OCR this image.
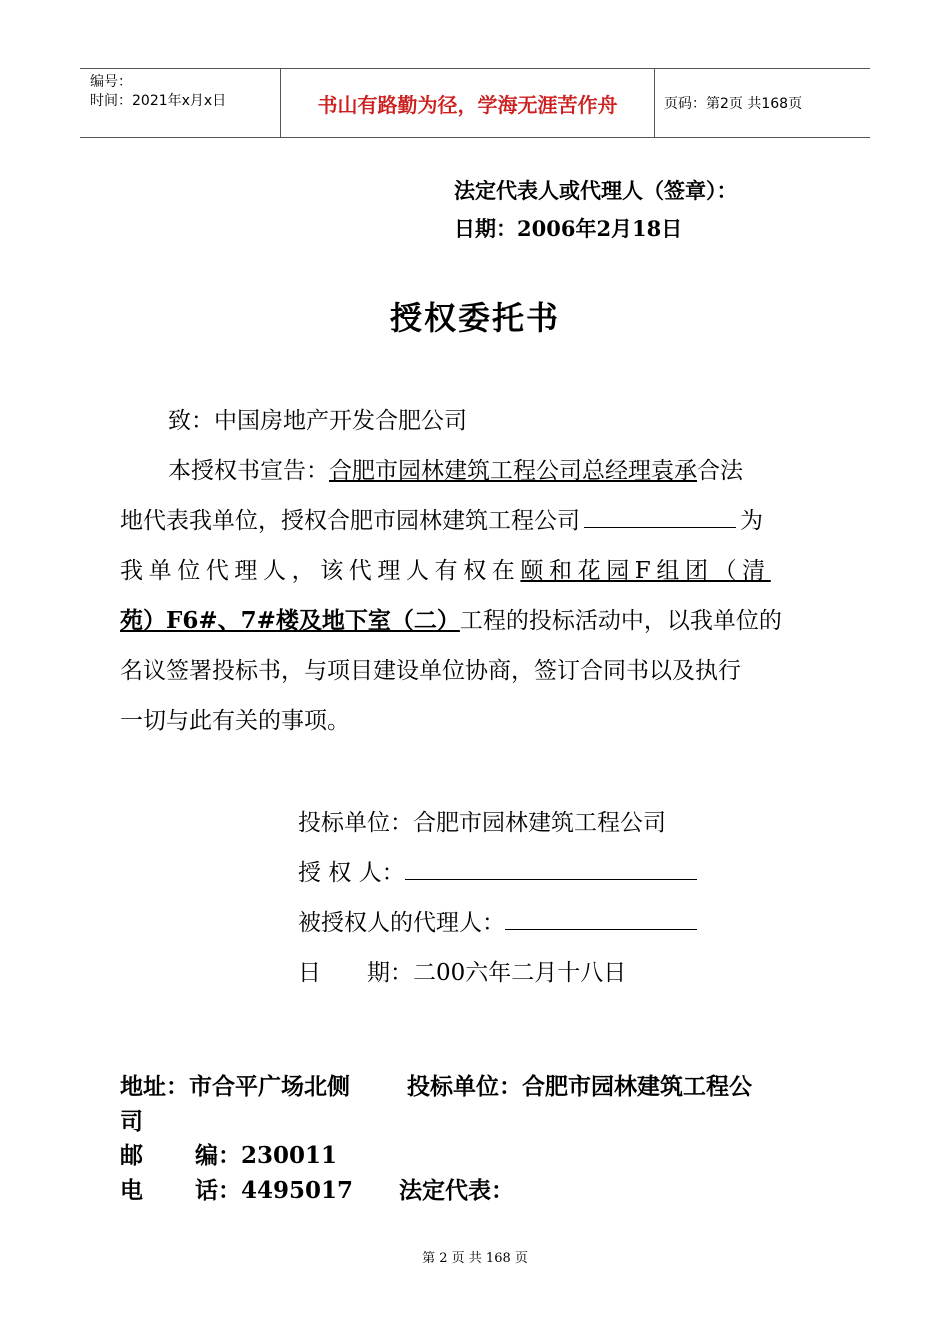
编号：
时间：2021年x月x日	书山有路勤为径，学海无涯苦作舟	页码：第2页 共168页
法定代表人或代理人（签章）：
日期：2006年2月18日
授权委托书
致：中国房地产开发合肥公司
本授权书宣告：合肥市园林建筑工程公司总经理袁承合法
地代表我单位，授权合肥市园林建筑工程公司	为
我单位代理人，该代理人有权在颐和花园F组团（清
苑）F6#、7#楼及地下室（二）工程的投标活动中，以我单位的
名议签署投标书，与项目建设单位协商，签订合同书以及执行
一切与此有关的事项。
投标单位：合肥市园林建筑工程公司
授 权 人：
被授权人的代理人：
日　　期：二00六年二月十八日
地址：市合平广场北侧 投标单位：合肥市园林建筑工程公
司
邮 编：230011
电 话：4495017 法定代表：
第 2 页 共 168 页
